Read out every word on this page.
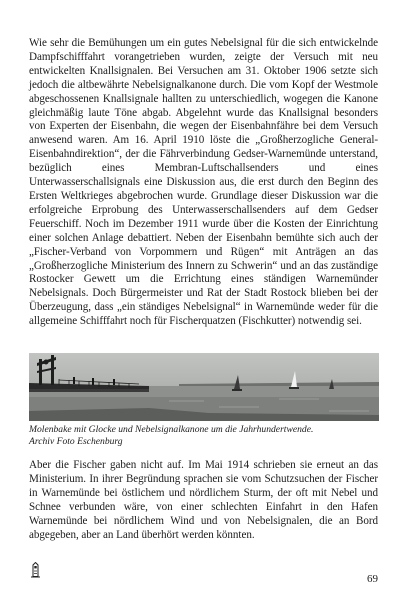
Wie sehr die Bemühungen um ein gutes Nebelsignal für die sich entwickelnde Dampfschifffahrt vorangetrieben wurden, zeigte der Versuch mit neu entwickelten Knallsignalen. Bei Versuchen am 31. Oktober 1906 setzte sich jedoch die altbewährte Nebelsignalkanone durch. Die vom Kopf der Westmole abgeschossenen Knallsignale hallten zu unterschiedlich, wogegen die Kanone gleichmäßig laute Töne abgab. Abgelehnt wurde das Knallsignal besonders von Experten der Eisenbahn, die wegen der Eisenbahnfähre bei dem Versuch anwesend waren. Am 16. April 1910 löste die „Großherzogliche General-Eisenbahndirektion“, der die Fährverbindung Gedser-Warnemünde unterstand, bezüglich eines Membran-Luftschallsenders und eines Unterwasserschallsignals eine Diskussion aus, die erst durch den Beginn des Ersten Weltkrieges abgebrochen wurde. Grundlage dieser Diskussion war die erfolgreiche Erprobung des Unterwasserschallsenders auf dem Gedser Feuerschiff. Noch im Dezember 1911 wurde über die Kosten der Einrichtung einer solchen Anlage debattiert. Neben der Eisenbahn bemühte sich auch der „Fischer-Verband von Vorpommern und Rügen“ mit Anträgen an das „Großherzogliche Ministerium des Innern zu Schwerin“ und an das zuständige Rostocker Gewett um die Errichtung eines ständigen Warnemünder Nebelsignals. Doch Bürgermeister und Rat der Stadt Rostock blieben bei der Überzeugung, dass „ein ständiges Nebelsignal“ in Warnemünde weder für die allgemeine Schifffahrt noch für Fischerquatzen (Fischkutter) notwendig sei.

Molenbake mit Glocke und Nebelsignalkanone um die Jahrhundertwende.
Archiv Foto Eschenburg

Aber die Fischer gaben nicht auf. Im Mai 1914 schrieben sie erneut an das Ministerium. In ihrer Begründung sprachen sie vom Schutzsuchen der Fischer in Warnemünde bei östlichem und nördlichem Sturm, der oft mit Nebel und Schnee verbunden wäre, von einer schlechten Einfahrt in den Hafen Warnemünde bei nördlichem Wind und von Nebelsignalen, die an Bord abgegeben, aber an Land überhört werden könnten.

69
